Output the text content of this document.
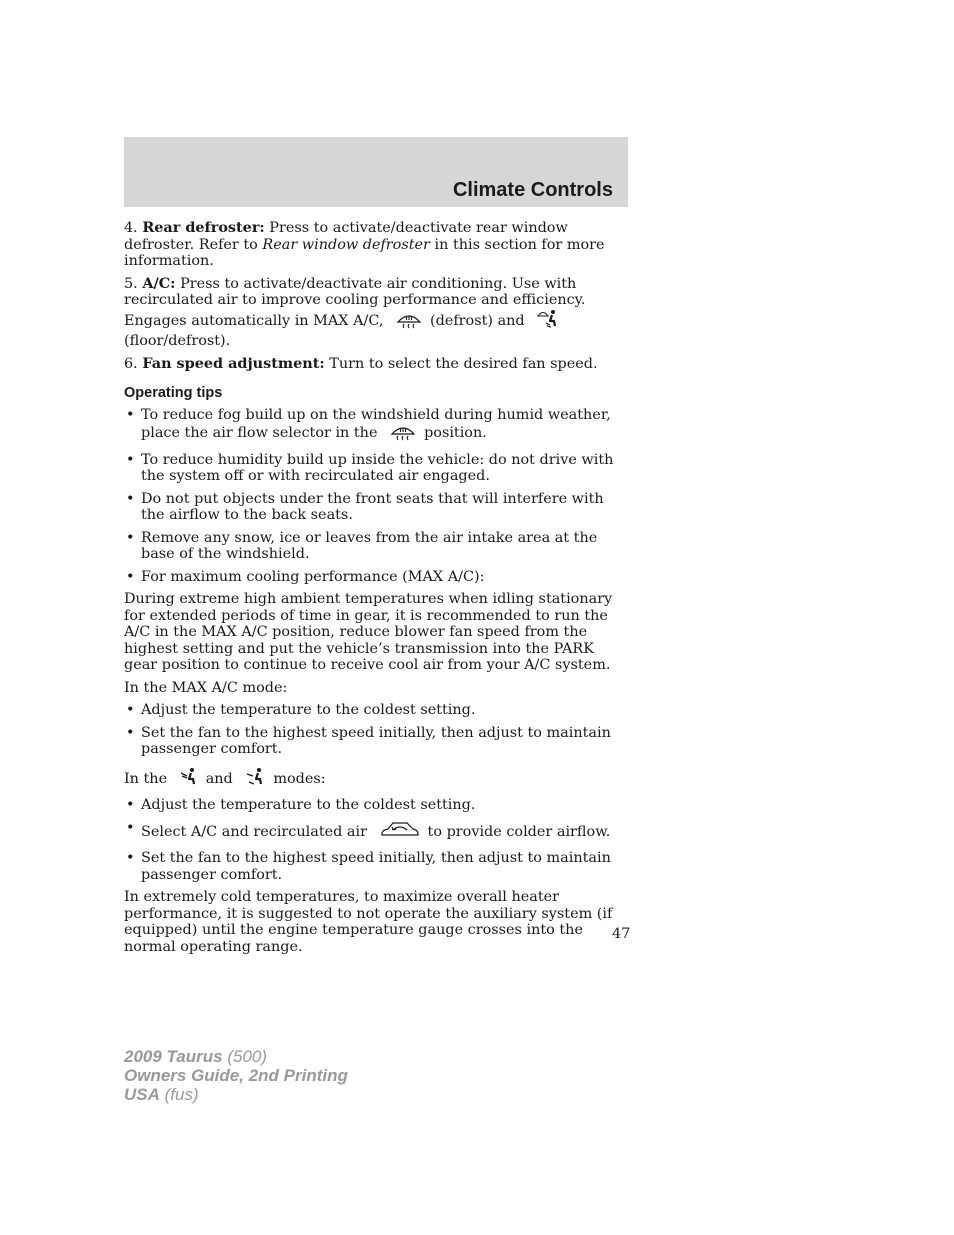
Climate Controls

4. Rear defroster: Press to activate/deactivate rear window defroster. Refer to Rear window defroster in this section for more information.

5. A/C: Press to activate/deactivate air conditioning. Use with recirculated air to improve cooling performance and efficiency. Engages automatically in MAX A/C,	(defrost) and (floor/defrost).

6. Fan speed adjustment: Turn to select the desired fan speed.

Operating tips
• To reduce fog build up on the windshield during humid weather, place the air flow selector in the	position.
• To reduce humidity build up inside the vehicle: do not drive with the system off or with recirculated air engaged.
• Do not put objects under the front seats that will interfere with the airflow to the back seats.
• Remove any snow, ice or leaves from the air intake area at the base of the windshield.
• For maximum cooling performance (MAX A/C):

During extreme high ambient temperatures when idling stationary for extended periods of time in gear, it is recommended to run the A/C in the MAX A/C position, reduce blower fan speed from the highest setting and put the vehicle’s transmission into the PARK gear position to continue to receive cool air from your A/C system.

In the MAX A/C mode:

• Adjust the temperature to the coldest setting.
• Set the fan to the highest speed initially, then adjust to maintain passenger comfort.

In the	and	modes:

• Adjust the temperature to the coldest setting.
• Select A/C and recirculated air	to provide colder airflow.
• Set the fan to the highest speed initially, then adjust to maintain passenger comfort.

In extremely cold temperatures, to maximize overall heater performance, it is suggested to not operate the auxiliary system (if equipped) until the engine temperature gauge crosses into the normal operating range.

47
2009 Taurus (500)
Owners Guide, 2nd Printing
USA (fus)
